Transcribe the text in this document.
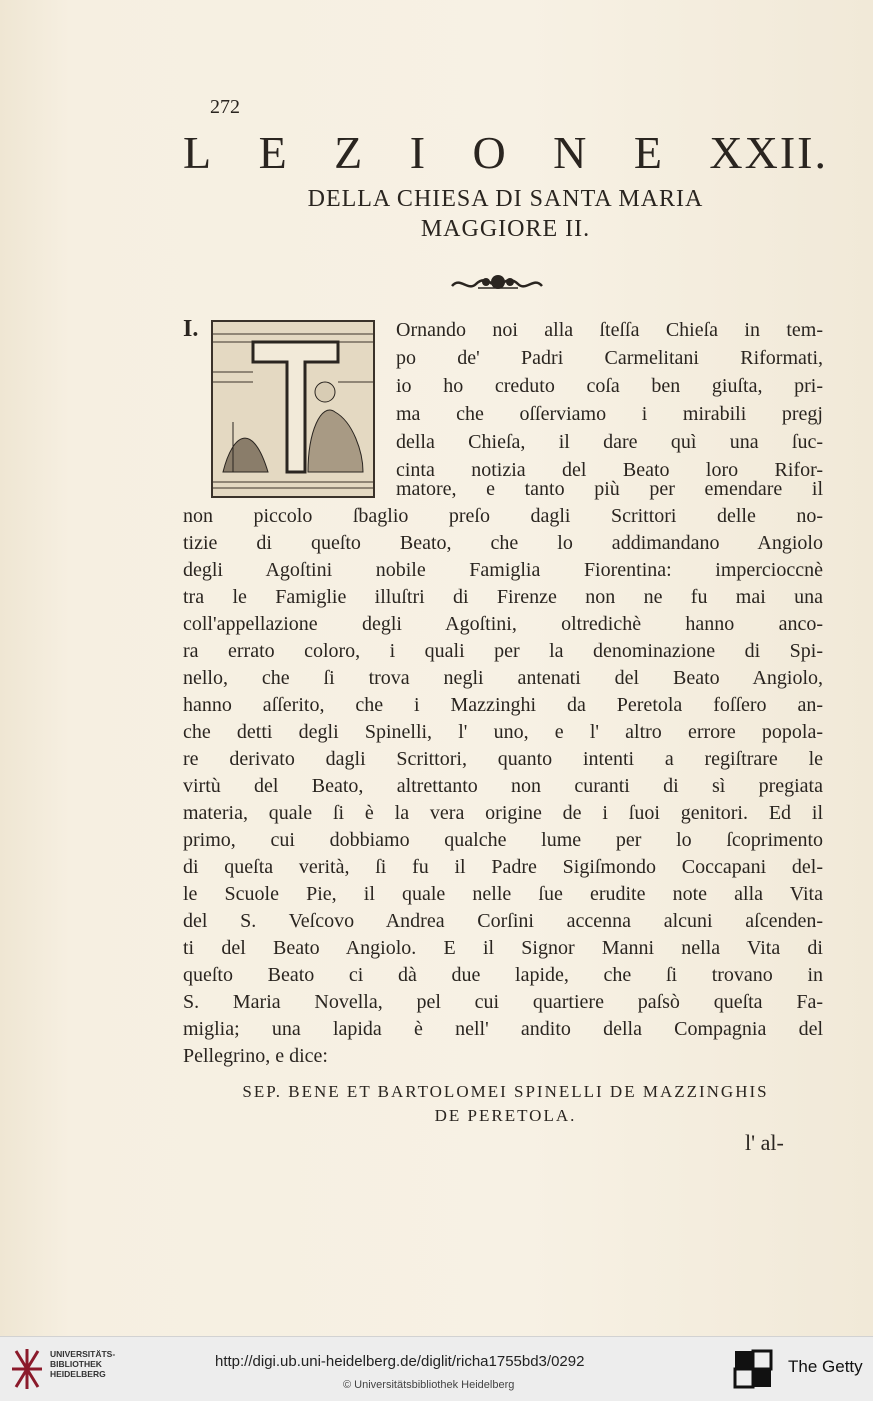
272
L E Z I O N E XXII.
DELLA CHIESA DI SANTA MARIA
MAGGIORE II.
I.	Ornando noi alla ſteſſa Chieſa in tem-
po de' Padri Carmelitani Riformati,
io ho creduto coſa ben giuſta, pri-
ma che oſſerviamo i mirabili pregj
della Chieſa, il dare quì una ſuc-
cinta notizia del Beato loro Rifor-
matore, e tanto più per emendare il
non piccolo ſbaglio preſo dagli Scrittori delle no-
tizie di queſto Beato, che lo addimandano Angiolo
degli Agoſtini nobile Famiglia Fiorentina: impercioccnè
tra le Famiglie illuſtri di Firenze non ne fu mai una
coll'appellazione degli Agoſtini, oltredichè hanno anco-
ra errato coloro, i quali per la denominazione di Spi-
nello, che ſi trova negli antenati del Beato Angiolo,
hanno aſſerito, che i Mazzinghi da Peretola foſſero an-
che detti degli Spinelli, l' uno, e l' altro errore popola-
re derivato dagli Scrittori, quanto intenti a regiſtrare le
virtù del Beato, altrettanto non curanti di sì pregiata
materia, quale ſi è la vera origine de i ſuoi genitori. Ed il
primo, cui dobbiamo qualche lume per lo ſcoprimento
di queſta verità, ſi fu il Padre Sigiſmondo Coccapani del-
le Scuole Pie, il quale nelle ſue erudite note alla Vita
del S. Veſcovo Andrea Corſini accenna alcuni aſcenden-
ti del Beato Angiolo. E il Signor Manni nella Vita di
queſto Beato ci dà due lapide, che ſi trovano in
S. Maria Novella, pel cui quartiere paſsò queſta Fa-
miglia; una lapida è nell' andito della Compagnia del
Pellegrino, e dice:
SEP. BENE ET BARTOLOMEI SPINELLI DE MAZZINGHIS
DE PERETOLA.
l' al-
UNIVERSITÄTS-
BIBLIOTHEK
HEIDELBERG
http://digi.ub.uni-heidelberg.de/diglit/richa1755bd3/0292
© Universitätsbibliothek Heidelberg
The Getty
